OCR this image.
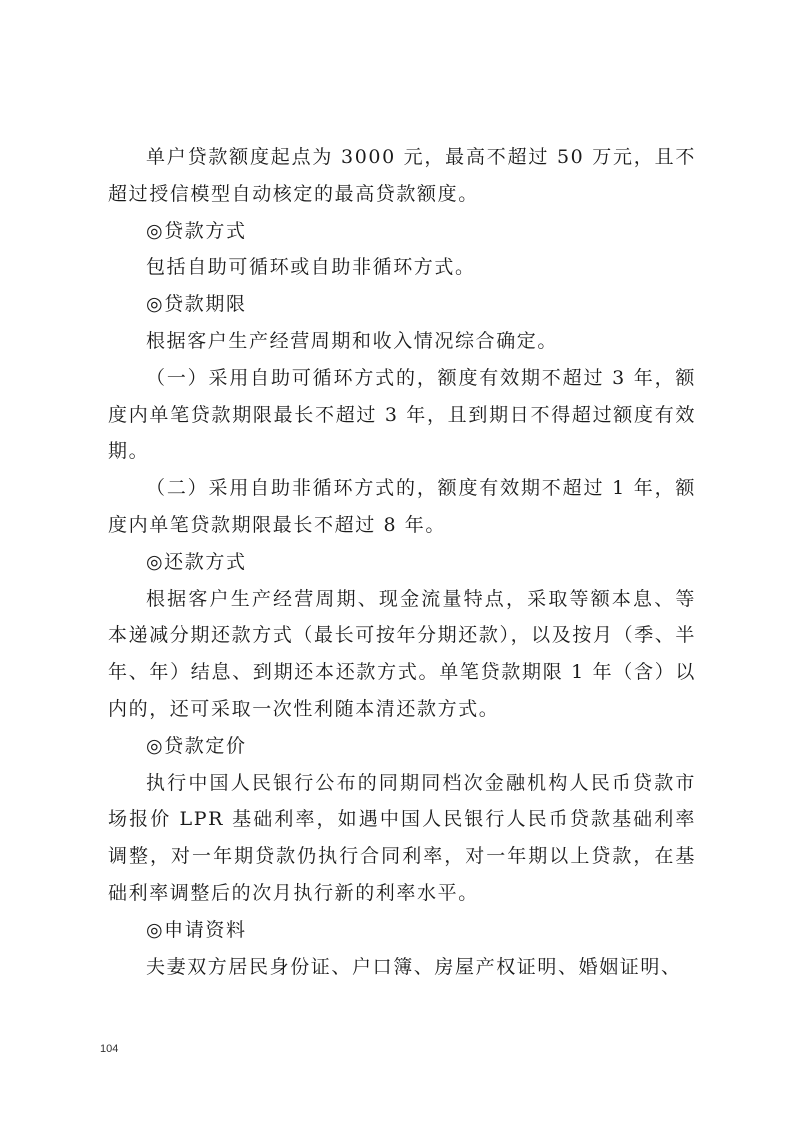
单户贷款额度起点为 3000 元，最高不超过 50 万元，且不超过授信模型自动核定的最高贷款额度。

◎贷款方式

包括自助可循环或自助非循环方式。

◎贷款期限

根据客户生产经营周期和收入情况综合确定。

（一）采用自助可循环方式的，额度有效期不超过 3 年，额度内单笔贷款期限最长不超过 3 年，且到期日不得超过额度有效期。

（二）采用自助非循环方式的，额度有效期不超过 1 年，额度内单笔贷款期限最长不超过 8 年。

◎还款方式

根据客户生产经营周期、现金流量特点，采取等额本息、等本递减分期还款方式（最长可按年分期还款），以及按月（季、半年、年）结息、到期还本还款方式。单笔贷款期限 1 年（含）以内的，还可采取一次性利随本清还款方式。

◎贷款定价

执行中国人民银行公布的同期同档次金融机构人民币贷款市场报价 LPR 基础利率，如遇中国人民银行人民币贷款基础利率调整，对一年期贷款仍执行合同利率，对一年期以上贷款，在基础利率调整后的次月执行新的利率水平。

◎申请资料

夫妻双方居民身份证、户口簿、房屋产权证明、婚姻证明、

104
